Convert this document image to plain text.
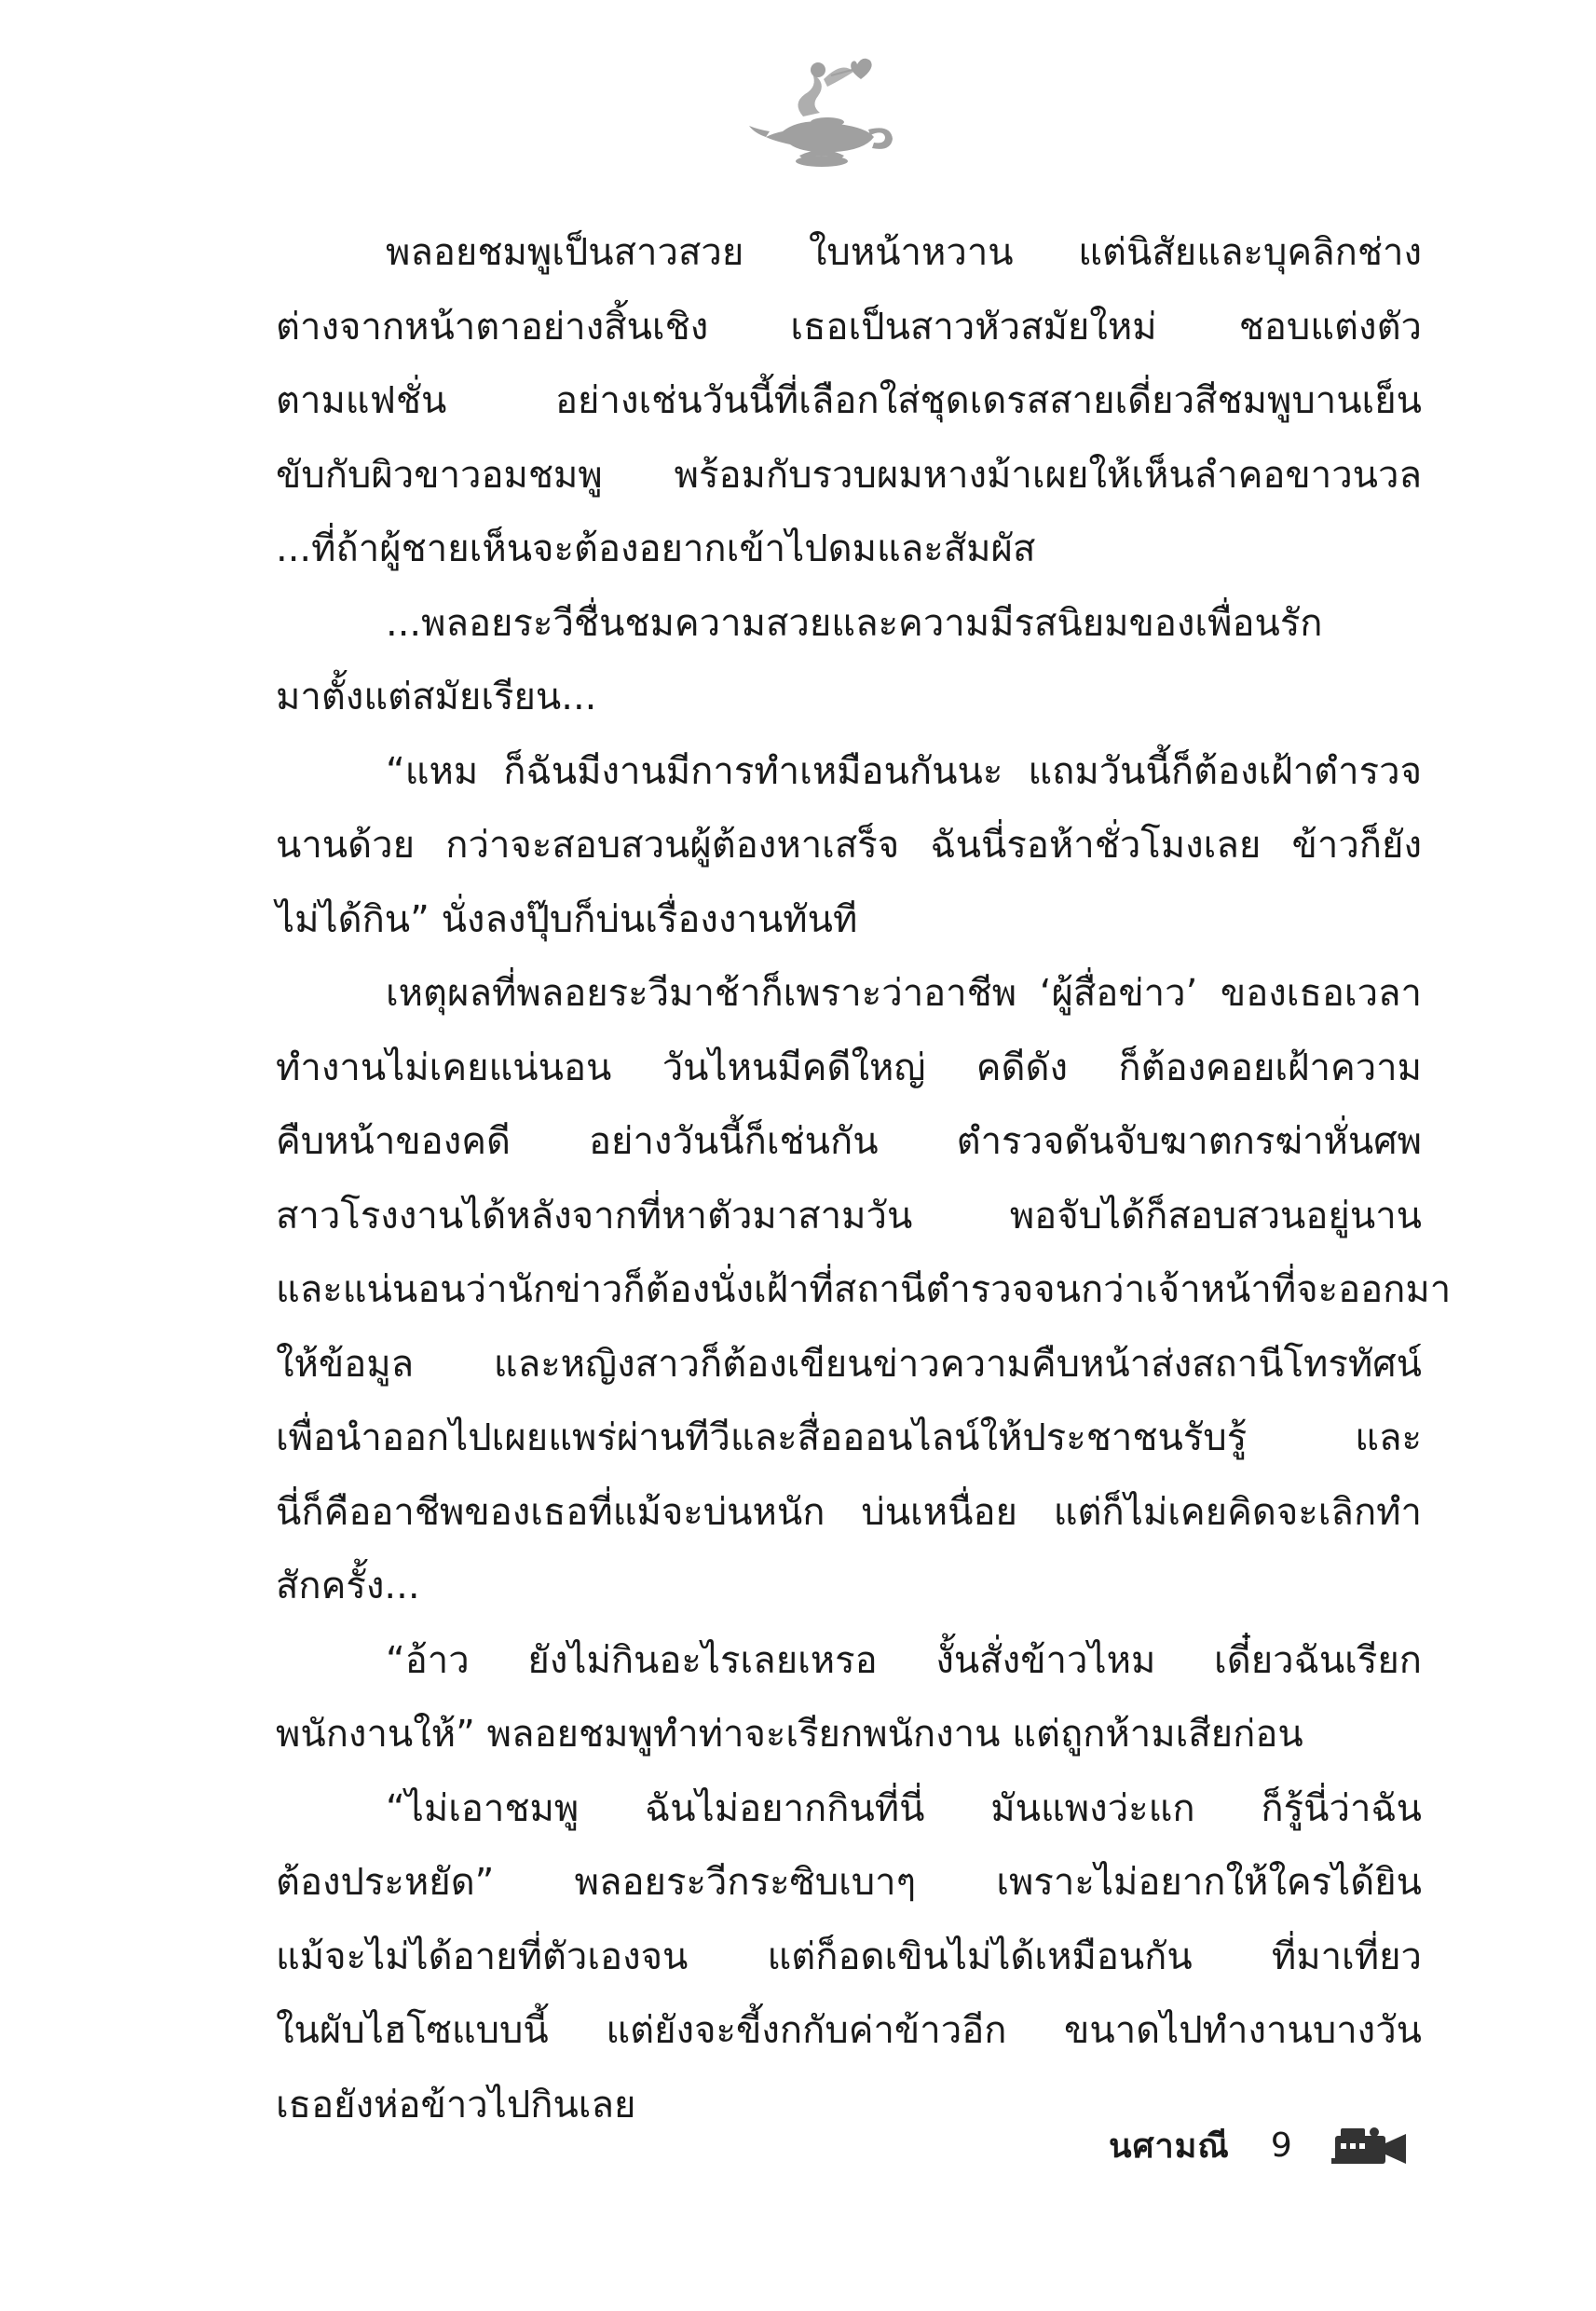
พลอยชมพูเป็นสาวสวย ใบหน้าหวาน แต่นิสัยและบุคลิกช่าง
ต่างจากหน้าตาอย่างสิ้นเชิง เธอเป็นสาวหัวสมัยใหม่ ชอบแต่งตัว
ตามแฟชั่น อย่างเช่นวันนี้ที่เลือกใส่ชุดเดรสสายเดี่ยวสีชมพูบานเย็น
ขับกับผิวขาวอมชมพู พร้อมกับรวบผมหางม้าเผยให้เห็นลำคอขาวนวล
...ที่ถ้าผู้ชายเห็นจะต้องอยากเข้าไปดมและสัมผัส
...พลอยระวีชื่นชมความสวยและความมีรสนิยมของเพื่อนรัก
มาตั้งแต่สมัยเรียน...
“แหม ก็ฉันมีงานมีการทำเหมือนกันนะ แถมวันนี้ก็ต้องเฝ้าตำรวจ
นานด้วย กว่าจะสอบสวนผู้ต้องหาเสร็จ ฉันนี่รอห้าชั่วโมงเลย ข้าวก็ยัง
ไม่ได้กิน” นั่งลงปุ๊บก็บ่นเรื่องงานทันที
เหตุผลที่พลอยระวีมาช้าก็เพราะว่าอาชีพ ‘ผู้สื่อข่าว’ ของเธอเวลา
ทำงานไม่เคยแน่นอน วันไหนมีคดีใหญ่ คดีดัง ก็ต้องคอยเฝ้าความ
คืบหน้าของคดี อย่างวันนี้ก็เช่นกัน ตำรวจดันจับฆาตกรฆ่าหั่นศพ
สาวโรงงานได้หลังจากที่หาตัวมาสามวัน พอจับได้ก็สอบสวนอยู่นาน
และแน่นอนว่านักข่าวก็ต้องนั่งเฝ้าที่สถานีตำรวจจนกว่าเจ้าหน้าที่จะออกมา
ให้ข้อมูล และหญิงสาวก็ต้องเขียนข่าวความคืบหน้าส่งสถานีโทรทัศน์
เพื่อนำออกไปเผยแพร่ผ่านทีวีและสื่อออนไลน์ให้ประชาชนรับรู้ และ
นี่ก็คืออาชีพของเธอที่แม้จะบ่นหนัก บ่นเหนื่อย แต่ก็ไม่เคยคิดจะเลิกทำ
สักครั้ง...
“อ้าว ยังไม่กินอะไรเลยเหรอ งั้นสั่งข้าวไหม เดี๋ยวฉันเรียก
พนักงานให้” พลอยชมพูทำท่าจะเรียกพนักงาน แต่ถูกห้ามเสียก่อน
“ไม่เอาชมพู ฉันไม่อยากกินที่นี่ มันแพงว่ะแก ก็รู้นี่ว่าฉัน
ต้องประหยัด” พลอยระวีกระซิบเบาๆ เพราะไม่อยากให้ใครได้ยิน
แม้จะไม่ได้อายที่ตัวเองจน แต่ก็อดเขินไม่ได้เหมือนกัน ที่มาเที่ยว
ในผับไฮโซแบบนี้ แต่ยังจะขี้งกกับค่าข้าวอีก ขนาดไปทำงานบางวัน
เธอยังห่อข้าวไปกินเลย
นศามณี 9
